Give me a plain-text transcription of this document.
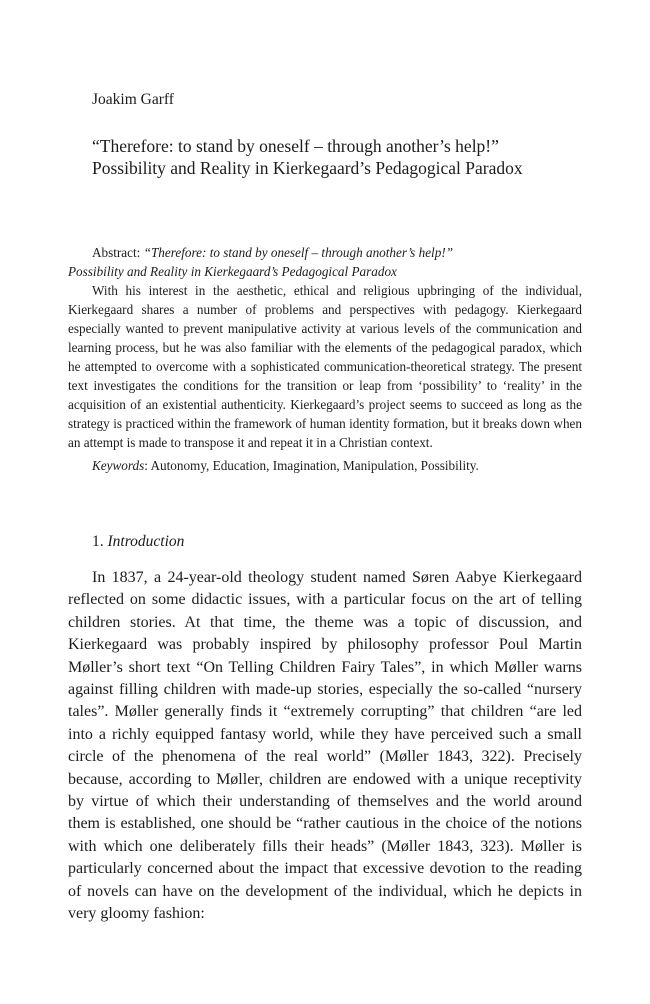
Joakim Garff
“Therefore: to stand by oneself – through another’s help!”
Possibility and Reality in Kierkegaard’s Pedagogical Paradox

Abstract: “Therefore: to stand by oneself – through another’s help!”
Possibility and Reality in Kierkegaard’s Pedagogical Paradox

With his interest in the aesthetic, ethical and religious upbringing of the individual, Kierkegaard shares a number of problems and perspectives with pedagogy. Kierkegaard especially wanted to prevent manipulative activity at various levels of the communication and learning process, but he was also familiar with the elements of the pedagogical paradox, which he attempted to overcome with a sophisticated communication-theoretical strategy. The present text investigates the conditions for the transition or leap from ‘possibility’ to ‘reality’ in the acquisition of an existential authenticity. Kierkegaard’s project seems to succeed as long as the strategy is practiced within the framework of human identity formation, but it breaks down when an attempt is made to transpose it and repeat it in a Christian context.

Keywords: Autonomy, Education, Imagination, Manipulation, Possibility.

1. Introduction

In 1837, a 24-year-old theology student named Søren Aabye Kierkegaard reflected on some didactic issues, with a particular focus on the art of telling children stories. At that time, the theme was a topic of discussion, and Kierkegaard was probably inspired by philosophy professor Poul Martin Møller’s short text “On Telling Children Fairy Tales”, in which Møller warns against filling children with made-up stories, especially the so-called “nursery tales”. Møller generally finds it “extremely corrupting” that children “are led into a richly equipped fantasy world, while they have perceived such a small circle of the phenomena of the real world” (Møller 1843, 322). Precisely because, according to Møller, children are endowed with a unique receptivity by virtue of which their understanding of themselves and the world around them is established, one should be “rather cautious in the choice of the notions with which one deliberately fills their heads” (Møller 1843, 323). Møller is particularly concerned about the impact that excessive devotion to the reading of novels can have on the development of the individual, which he depicts in very gloomy fashion:
